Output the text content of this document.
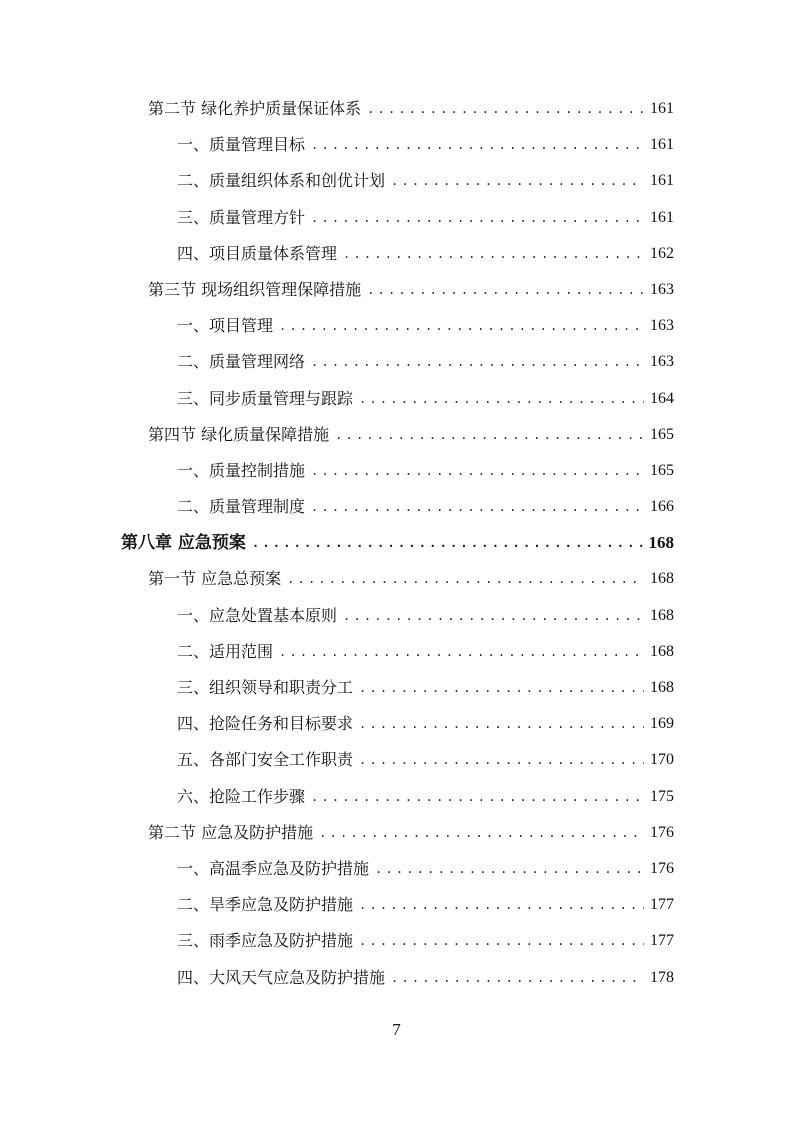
第二节 绿化养护质量保证体系 .....	161
一、质量管理目标 .....	161
二、质量组织体系和创优计划 .....	161
三、质量管理方针 .....	161
四、项目质量体系管理 .....	162
第三节 现场组织管理保障措施 .....	163
一、项目管理 .....	163
二、质量管理网络 .....	163
三、同步质量管理与跟踪 .....	164
第四节 绿化质量保障措施 .....	165
一、质量控制措施 .....	165
二、质量管理制度 .....	166
第八章 应急预案 .....	168
第一节 应急总预案 .....	168
一、应急处置基本原则 .....	168
二、适用范围 .....	168
三、组织领导和职责分工 .....	168
四、抢险任务和目标要求 .....	169
五、各部门安全工作职责 .....	170
六、抢险工作步骤 .....	175
第二节 应急及防护措施 .....	176
一、高温季应急及防护措施 .....	176
二、旱季应急及防护措施 .....	177
三、雨季应急及防护措施 .....	177
四、大风天气应急及防护措施 .....	178
7
